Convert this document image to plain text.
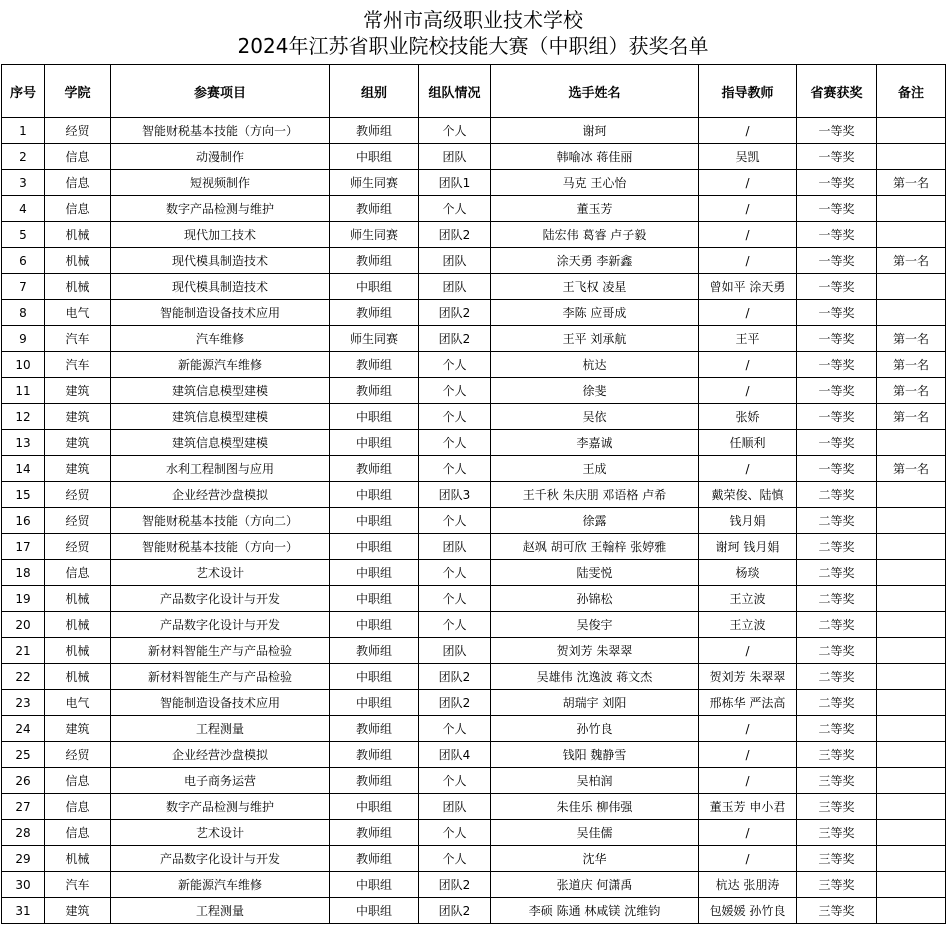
常州市高级职业技术学校
2024年江苏省职业院校技能大赛（中职组）获奖名单
序号	学院	参赛项目	组别	组队情况	选手姓名	指导教师	省赛获奖	备注
1	经贸	智能财税基本技能（方向一）	教师组	个人	谢珂	/	一等奖	
2	信息	动漫制作	中职组	团队	韩喻冰 蒋佳丽	吴凯	一等奖	
3	信息	短视频制作	师生同赛	团队1	马克 王心怡	/	一等奖	第一名
4	信息	数字产品检测与维护	教师组	个人	董玉芳	/	一等奖	
5	机械	现代加工技术	师生同赛	团队2	陆宏伟 葛睿 卢子毅	/	一等奖	
6	机械	现代模具制造技术	教师组	团队	涂天勇 李新鑫	/	一等奖	第一名
7	机械	现代模具制造技术	中职组	团队	王飞权 凌星	曾如平 涂天勇	一等奖	
8	电气	智能制造设备技术应用	教师组	团队2	李陈 应哥成	/	一等奖	
9	汽车	汽车维修	师生同赛	团队2	王平 刘承航	王平	一等奖	第一名
10	汽车	新能源汽车维修	教师组	个人	杭达	/	一等奖	第一名
11	建筑	建筑信息模型建模	教师组	个人	徐斐	/	一等奖	第一名
12	建筑	建筑信息模型建模	中职组	个人	吴依	张娇	一等奖	第一名
13	建筑	建筑信息模型建模	中职组	个人	李嘉诚	任顺利	一等奖	
14	建筑	水利工程制图与应用	教师组	个人	王成	/	一等奖	第一名
15	经贸	企业经营沙盘模拟	中职组	团队3	王千秋 朱庆朋 邓语格 卢希	戴荣俊、陆慎	二等奖	
16	经贸	智能财税基本技能（方向二）	中职组	个人	徐露	钱月娟	二等奖	
17	经贸	智能财税基本技能（方向一）	中职组	团队	赵飒 胡可欣 王翰梓 张婷雅	谢珂 钱月娟	二等奖	
18	信息	艺术设计	中职组	个人	陆雯悦	杨琰	二等奖	
19	机械	产品数字化设计与开发	中职组	个人	孙锦松	王立波	二等奖	
20	机械	产品数字化设计与开发	中职组	个人	吴俊宇	王立波	二等奖	
21	机械	新材料智能生产与产品检验	教师组	团队	贺刘芳 朱翠翠	/	二等奖	
22	机械	新材料智能生产与产品检验	中职组	团队2	吴雄伟 沈逸波 蒋文杰	贺刘芳 朱翠翠	二等奖	
23	电气	智能制造设备技术应用	中职组	团队2	胡瑞宇 刘阳	邢栋华 严法高	二等奖	
24	建筑	工程测量	教师组	个人	孙竹良	/	二等奖	
25	经贸	企业经营沙盘模拟	教师组	团队4	钱阳 魏静雪	/	三等奖	
26	信息	电子商务运营	教师组	个人	吴柏润	/	三等奖	
27	信息	数字产品检测与维护	中职组	团队	朱佳乐 柳伟强	董玉芳 申小君	三等奖	
28	信息	艺术设计	教师组	个人	吴佳儒	/	三等奖	
29	机械	产品数字化设计与开发	教师组	个人	沈华	/	三等奖	
30	汽车	新能源汽车维修	中职组	团队2	张道庆 何潇禹	杭达 张朋涛	三等奖	
31	建筑	工程测量	中职组	团队2	李硕 陈通 林咸镁 沈维钧	包媛媛 孙竹良	三等奖	
